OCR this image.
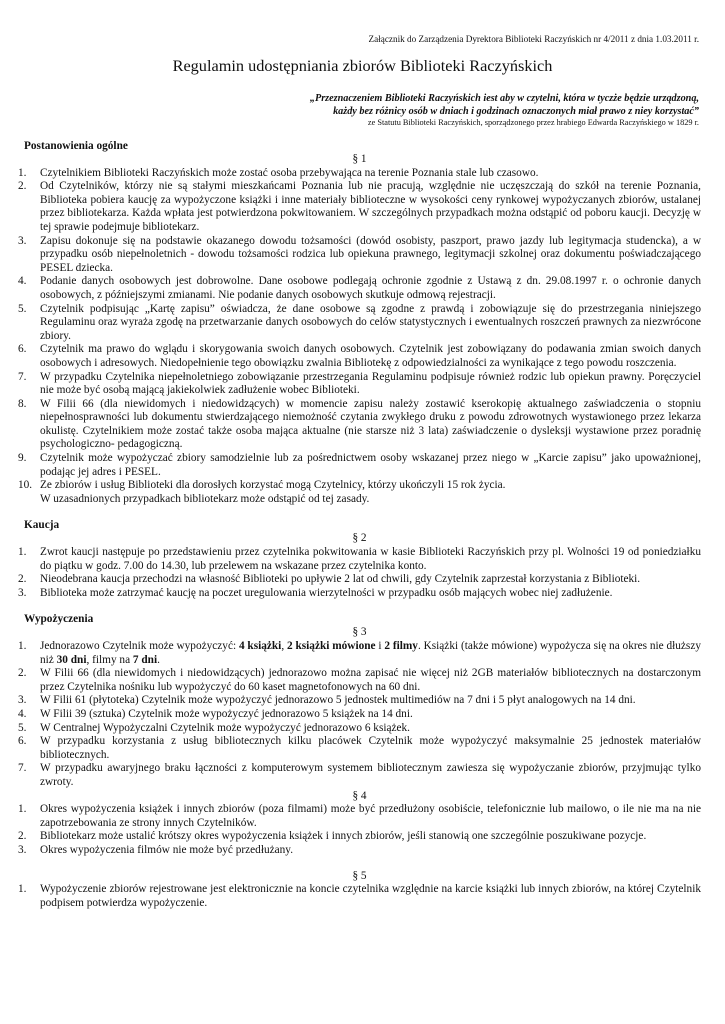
Załącznik do Zarządzenia Dyrektora Biblioteki Raczyńskich nr 4/2011 z dnia 1.03.2011 r.
Regulamin udostępniania zbiorów Biblioteki Raczyńskich
„Przeznaczeniem Biblioteki Raczyńskich iest aby w czytelni, która w tyczże będzie urządzoną,
każdy bez różnicy osób w dniach i godzinach oznaczonych miał prawo z niey korzystać”
ze Statutu Biblioteki Raczyńskich, sporządzonego przez hrabiego Edwarda Raczyńskiego w 1829 r.
Postanowienia ogólne
§ 1
1.	Czytelnikiem Biblioteki Raczyńskich może zostać osoba przebywająca na terenie Poznania stale lub czasowo.
2.	Od Czytelników, którzy nie są stałymi mieszkańcami Poznania lub nie pracują, względnie nie uczęszczają do szkół na terenie Poznania, Biblioteka pobiera kaucję za wypożyczone książki i inne materiały biblioteczne w wysokości ceny rynkowej wypożyczanych zbiorów, ustalanej przez bibliotekarza. Każda wpłata jest potwierdzona pokwitowaniem. W szczególnych przypadkach można odstąpić od poboru kaucji. Decyzję w tej sprawie podejmuje bibliotekarz.
3.	Zapisu dokonuje się na podstawie okazanego dowodu tożsamości (dowód osobisty, paszport, prawo jazdy lub legitymacja studencka), a w przypadku osób niepełnoletnich - dowodu tożsamości rodzica lub opiekuna prawnego, legitymacji szkolnej oraz dokumentu poświadczającego PESEL dziecka.
4.	Podanie danych osobowych jest dobrowolne. Dane osobowe podlegają ochronie zgodnie z Ustawą z dn. 29.08.1997 r. o ochronie danych osobowych, z późniejszymi zmianami. Nie podanie danych osobowych skutkuje odmową rejestracji.
5.	Czytelnik podpisując „Kartę zapisu” oświadcza, że dane osobowe są zgodne z prawdą i zobowiązuje się do przestrzegania niniejszego Regulaminu oraz wyraża zgodę na przetwarzanie danych osobowych do celów statystycznych i ewentualnych roszczeń prawnych za niezwrócone zbiory.
6.	Czytelnik ma prawo do wglądu i skorygowania swoich danych osobowych. Czytelnik jest zobowiązany do podawania zmian swoich danych osobowych i adresowych. Niedopełnienie tego obowiązku zwalnia Bibliotekę z odpowiedzialności za wynikające z tego powodu roszczenia.
7.	W przypadku Czytelnika niepełnoletniego zobowiązanie przestrzegania Regulaminu podpisuje również rodzic lub opiekun prawny. Poręczyciel nie może być osobą mającą jakiekolwiek zadłużenie wobec Biblioteki.
8.	W Filii 66 (dla niewidomych i niedowidzących) w momencie zapisu należy zostawić kserokopię aktualnego zaświadczenia o stopniu niepełnosprawności lub dokumentu stwierdzającego niemożność czytania zwykłego druku z powodu zdrowotnych wystawionego przez lekarza okulistę. Czytelnikiem może zostać także osoba mająca aktualne (nie starsze niż 3 lata) zaświadczenie o dysleksji wystawione przez poradnię psychologiczno- pedagogiczną.
9.	Czytelnik może wypożyczać zbiory samodzielnie lub za pośrednictwem osoby wskazanej przez niego w „Karcie zapisu” jako upoważnionej, podając jej adres i PESEL.
10. Ze zbiorów i usług Biblioteki dla dorosłych korzystać mogą Czytelnicy, którzy ukończyli 15 rok życia.
W uzasadnionych przypadkach bibliotekarz może odstąpić od tej zasady.
Kaucja
§ 2
1.	Zwrot kaucji następuje po przedstawieniu przez czytelnika pokwitowania w kasie Biblioteki Raczyńskich przy pl. Wolności 19 od poniedziałku do piątku w godz. 7.00 do 14.30, lub przelewem na wskazane przez czytelnika konto.
2.	Nieodebrana kaucja przechodzi na własność Biblioteki po upływie 2 lat od chwili, gdy Czytelnik zaprzestał korzystania z Biblioteki.
3.	Biblioteka może zatrzymać kaucję na poczet uregulowania wierzytelności w przypadku osób mających wobec niej zadłużenie.
Wypożyczenia
§ 3
1.	Jednorazowo Czytelnik może wypożyczyć: 4 książki, 2 książki mówione i 2 filmy. Książki (także mówione) wypożycza się na okres nie dłuższy niż 30 dni, filmy na 7 dni.
2.	W Filii 66 (dla niewidomych i niedowidzących) jednorazowo można zapisać nie więcej niż 2GB materiałów bibliotecznych na dostarczonym przez Czytelnika nośniku lub wypożyczyć do 60 kaset magnetofonowych na 60 dni.
3.	W Filii 61 (płytoteka) Czytelnik może wypożyczyć jednorazowo 5 jednostek multimediów na 7 dni i 5 płyt analogowych na 14 dni.
4.	W Filii 39 (sztuka) Czytelnik może wypożyczyć jednorazowo 5 książek na 14 dni.
5.	W Centralnej Wypożyczalni Czytelnik może wypożyczyć jednorazowo 6 książek.
6.	W przypadku korzystania z usług bibliotecznych kilku placówek Czytelnik może wypożyczyć maksymalnie 25 jednostek materiałów bibliotecznych.
7.	W przypadku awaryjnego braku łączności z komputerowym systemem bibliotecznym zawiesza się wypożyczanie zbiorów, przyjmując tylko zwroty.
§ 4
1.	Okres wypożyczenia książek i innych zbiorów (poza filmami) może być przedłużony osobiście, telefonicznie lub mailowo, o ile nie ma na nie zapotrzebowania ze strony innych Czytelników.
2.	Bibliotekarz może ustalić krótszy okres wypożyczenia książek i innych zbiorów, jeśli stanowią one szczególnie poszukiwane pozycje.
3.	Okres wypożyczenia filmów nie może być przedłużany.
§ 5
1.	Wypożyczenie zbiorów rejestrowane jest elektronicznie na koncie czytelnika względnie na karcie książki lub innych zbiorów, na której Czytelnik podpisem potwierdza wypożyczenie.
